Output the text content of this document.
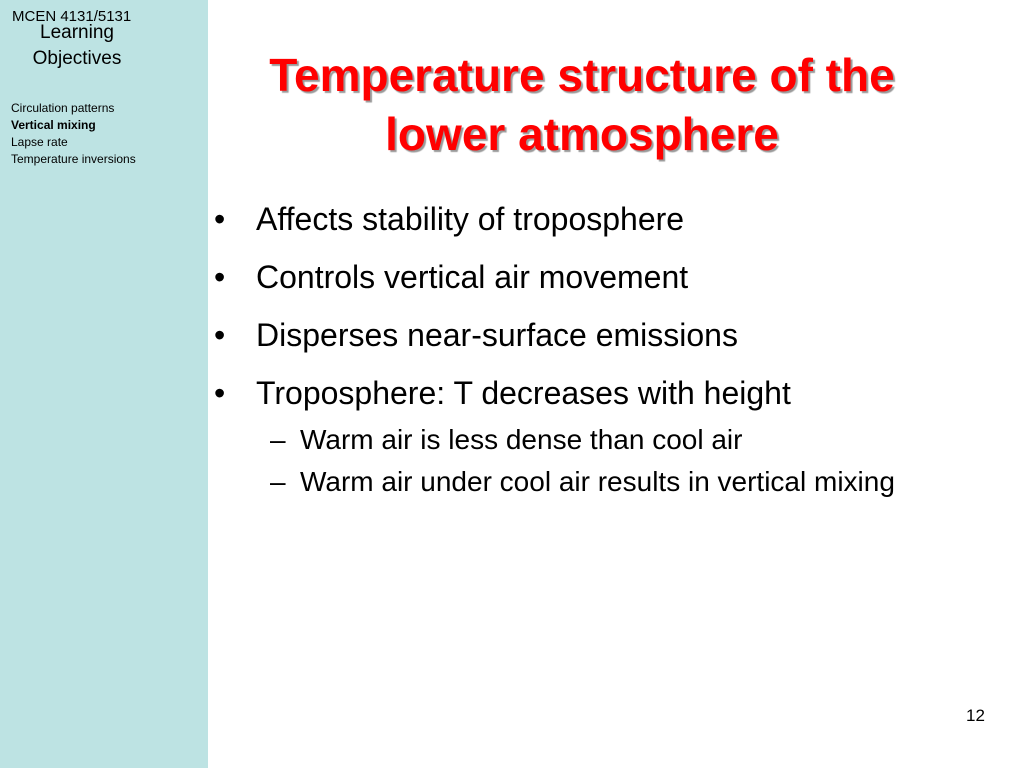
Learning Objectives
MCEN 4131/5131
Circulation patterns
Vertical mixing
Lapse rate
Temperature inversions
Temperature structure of the lower atmosphere
• Affects stability of troposphere
• Controls vertical air movement
• Disperses near-surface emissions
• Troposphere: T decreases with height
– Warm air is less dense than cool air
– Warm air under cool air results in vertical mixing
12
